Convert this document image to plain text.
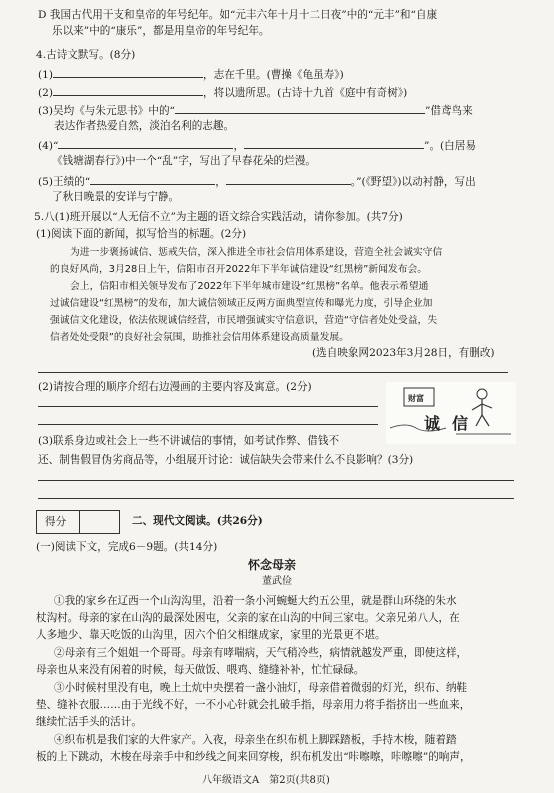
D 我国古代用干支和皇帝的年号纪年。如“元丰六年十月十二日夜”中的“元丰”和“自康
乐以来”中的“康乐”，都是用皇帝的年号纪年。
4.古诗文默写。(8分)
(1)	，志在千里。(曹操《龟虽寿》)
(2)	，将以遗所思。(古诗十九首《庭中有奇树》)
(3)吴均《与朱元思书》中的“	”借鸢鸟来
表达作者热爱自然，淡泊名利的志趣。
(4)“	，	”。(白居易
《钱塘湖春行》)中一个“乱”字，写出了早春花朵的烂漫。
(5)王绩的“	，	。”(《野望》)以动衬静，写出
了秋日晚景的安详与宁静。
5.八(1)班开展以“人无信不立”为主题的语文综合实践活动，请你参加。(共7分)
(1)阅读下面的新闻，拟写恰当的标题。(2分)
为进一步褒扬诚信、惩戒失信，深入推进全市社会信用体系建设，营造全社会诚实守信
的良好风尚，3月28日上午，信阳市召开2022年下半年诚信建设“红黑榜”新闻发布会。
会上，信阳市相关领导发布了2022年下半年城市建设“红黑榜”名单。他表示希望通
过诚信建设“红黑榜”的发布，加大诚信领域正反两方面典型宣传和曝光力度，引导企业加
强诚信文化建设，依法依规诚信经营，市民增强诚实守信意识，营造“守信者处处受益，失
信者处处受限”的良好社会氛围，助推社会信用体系建设高质量发展。
(选自映象网2023年3月28日，有删改)
(2)请按合理的顺序介绍右边漫画的主要内容及寓意。(2分)
财富
诚 信
(3)联系身边或社会上一些不讲诚信的事情，如考试作弊、借钱不
还、制售假冒伪劣商品等，小组展开讨论：诚信缺失会带来什么不良影响？(3分)
得分	二、现代文阅读。(共26分)
(一)阅读下文，完成6－9题。(共14分)
怀念母亲
董武俭
①我的家乡在辽西一个山沟沟里，沿着一条小河蜿蜒大约五公里，就是群山环绕的朱水
杖沟村。母亲的家在山沟的最深处困屯，父亲的家在山沟的中间三家屯。父亲兄弟八人，在
人多地少、靠天吃饭的山沟里，因六个伯父相继成家，家里的光景更不堪。
②母亲有三个姐姐一个哥哥。母亲有哮喘病，天气稍冷些，病情就越发严重，即使这样，
母亲也从来没有闲着的时候，每天做饭、喂鸡、缝缝补补，忙忙碌碌。
③小时候村里没有电，晚上土炕中央摆着一盏小油灯，母亲借着微弱的灯光，织布、纳鞋
垫、缝补衣服……由于光线不好，一不小心针就会扎破手指，母亲用力将手指挤出一些血来，
继续忙活手头的活计。
④织布机是我们家的大件家产。入夜，母亲坐在织布机上脚踩踏板，手持木梭，随着踏
板的上下跳动，木梭在母亲手中和纱线之间来回穿梭，织布机发出“咔嚓嚓，咔嚓嚓”的响声，
八年级语文A　第2页(共8页)
